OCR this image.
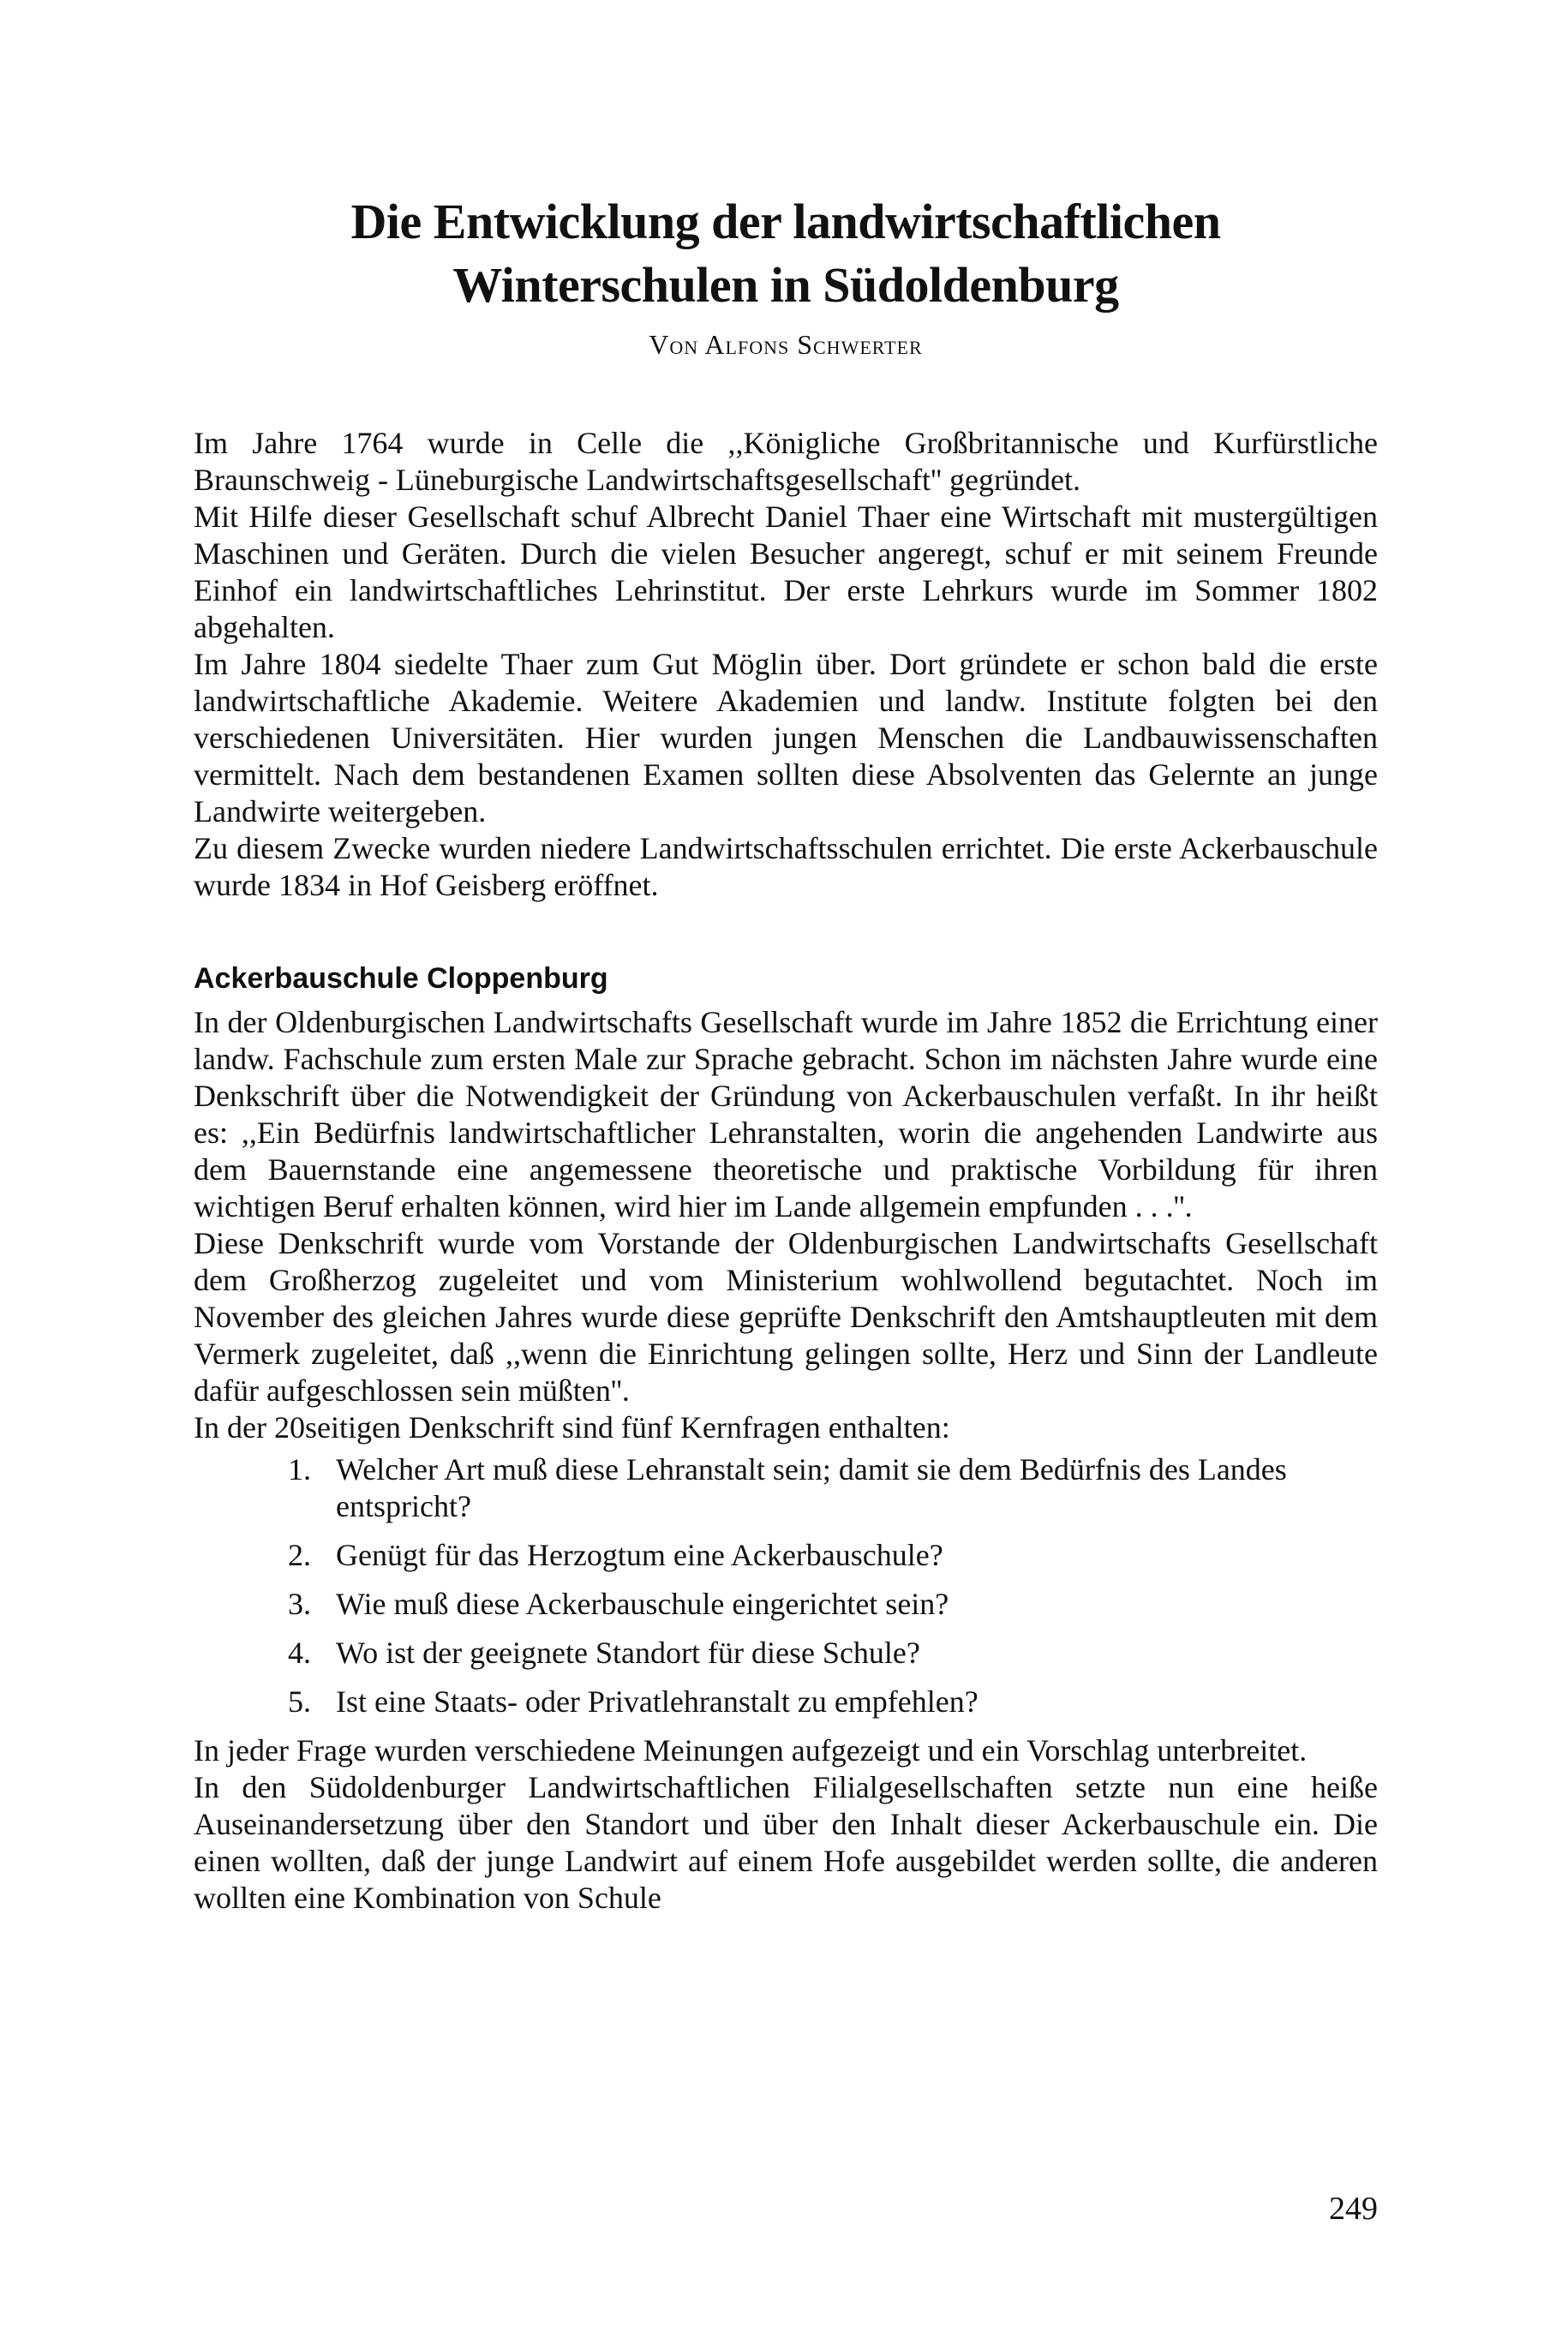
Die Entwicklung der landwirtschaftlichen
Winterschulen in Südoldenburg
Von Alfons Schwerter

Im Jahre 1764 wurde in Celle die ,,Königliche Großbritannische und Kurfürstliche Braunschweig - Lüneburgische Landwirtschaftsgesellschaft'' gegründet.

Mit Hilfe dieser Gesellschaft schuf Albrecht Daniel Thaer eine Wirtschaft mit mustergültigen Maschinen und Geräten. Durch die vielen Besucher angeregt, schuf er mit seinem Freunde Einhof ein landwirtschaftliches Lehrinstitut. Der erste Lehrkurs wurde im Sommer 1802 abgehalten.

Im Jahre 1804 siedelte Thaer zum Gut Möglin über. Dort gründete er schon bald die erste landwirtschaftliche Akademie. Weitere Akademien und landw. Institute folgten bei den verschiedenen Universitäten. Hier wurden jungen Menschen die Landbauwissenschaften vermittelt. Nach dem bestandenen Examen sollten diese Absolventen das Gelernte an junge Landwirte weitergeben.

Zu diesem Zwecke wurden niedere Landwirtschaftsschulen errichtet. Die erste Ackerbauschule wurde 1834 in Hof Geisberg eröffnet.

Ackerbauschule Cloppenburg

In der Oldenburgischen Landwirtschafts Gesellschaft wurde im Jahre 1852 die Errichtung einer landw. Fachschule zum ersten Male zur Sprache gebracht. Schon im nächsten Jahre wurde eine Denkschrift über die Notwendigkeit der Gründung von Ackerbauschulen verfaßt. In ihr heißt es: ,,Ein Bedürfnis landwirtschaftlicher Lehranstalten, worin die angehenden Landwirte aus dem Bauernstande eine angemessene theoretische und praktische Vorbildung für ihren wichtigen Beruf erhalten können, wird hier im Lande allgemein empfunden . . .''.

Diese Denkschrift wurde vom Vorstande der Oldenburgischen Landwirtschafts Gesellschaft dem Großherzog zugeleitet und vom Ministerium wohlwollend begutachtet. Noch im November des gleichen Jahres wurde diese geprüfte Denkschrift den Amtshauptleuten mit dem Vermerk zugeleitet, daß ,,wenn die Einrichtung gelingen sollte, Herz und Sinn der Landleute dafür aufgeschlossen sein müßten''.

In der 20seitigen Denkschrift sind fünf Kernfragen enthalten:

1. Welcher Art muß diese Lehranstalt sein; damit sie dem Bedürfnis des Landes entspricht?
2. Genügt für das Herzogtum eine Ackerbauschule?
3. Wie muß diese Ackerbauschule eingerichtet sein?
4. Wo ist der geeignete Standort für diese Schule?
5. Ist eine Staats- oder Privatlehranstalt zu empfehlen?

In jeder Frage wurden verschiedene Meinungen aufgezeigt und ein Vorschlag unterbreitet.

In den Südoldenburger Landwirtschaftlichen Filialgesellschaften setzte nun eine heiße Auseinandersetzung über den Standort und über den Inhalt dieser Ackerbauschule ein. Die einen wollten, daß der junge Landwirt auf einem Hofe ausgebildet werden sollte, die anderen wollten eine Kombination von Schule

249
